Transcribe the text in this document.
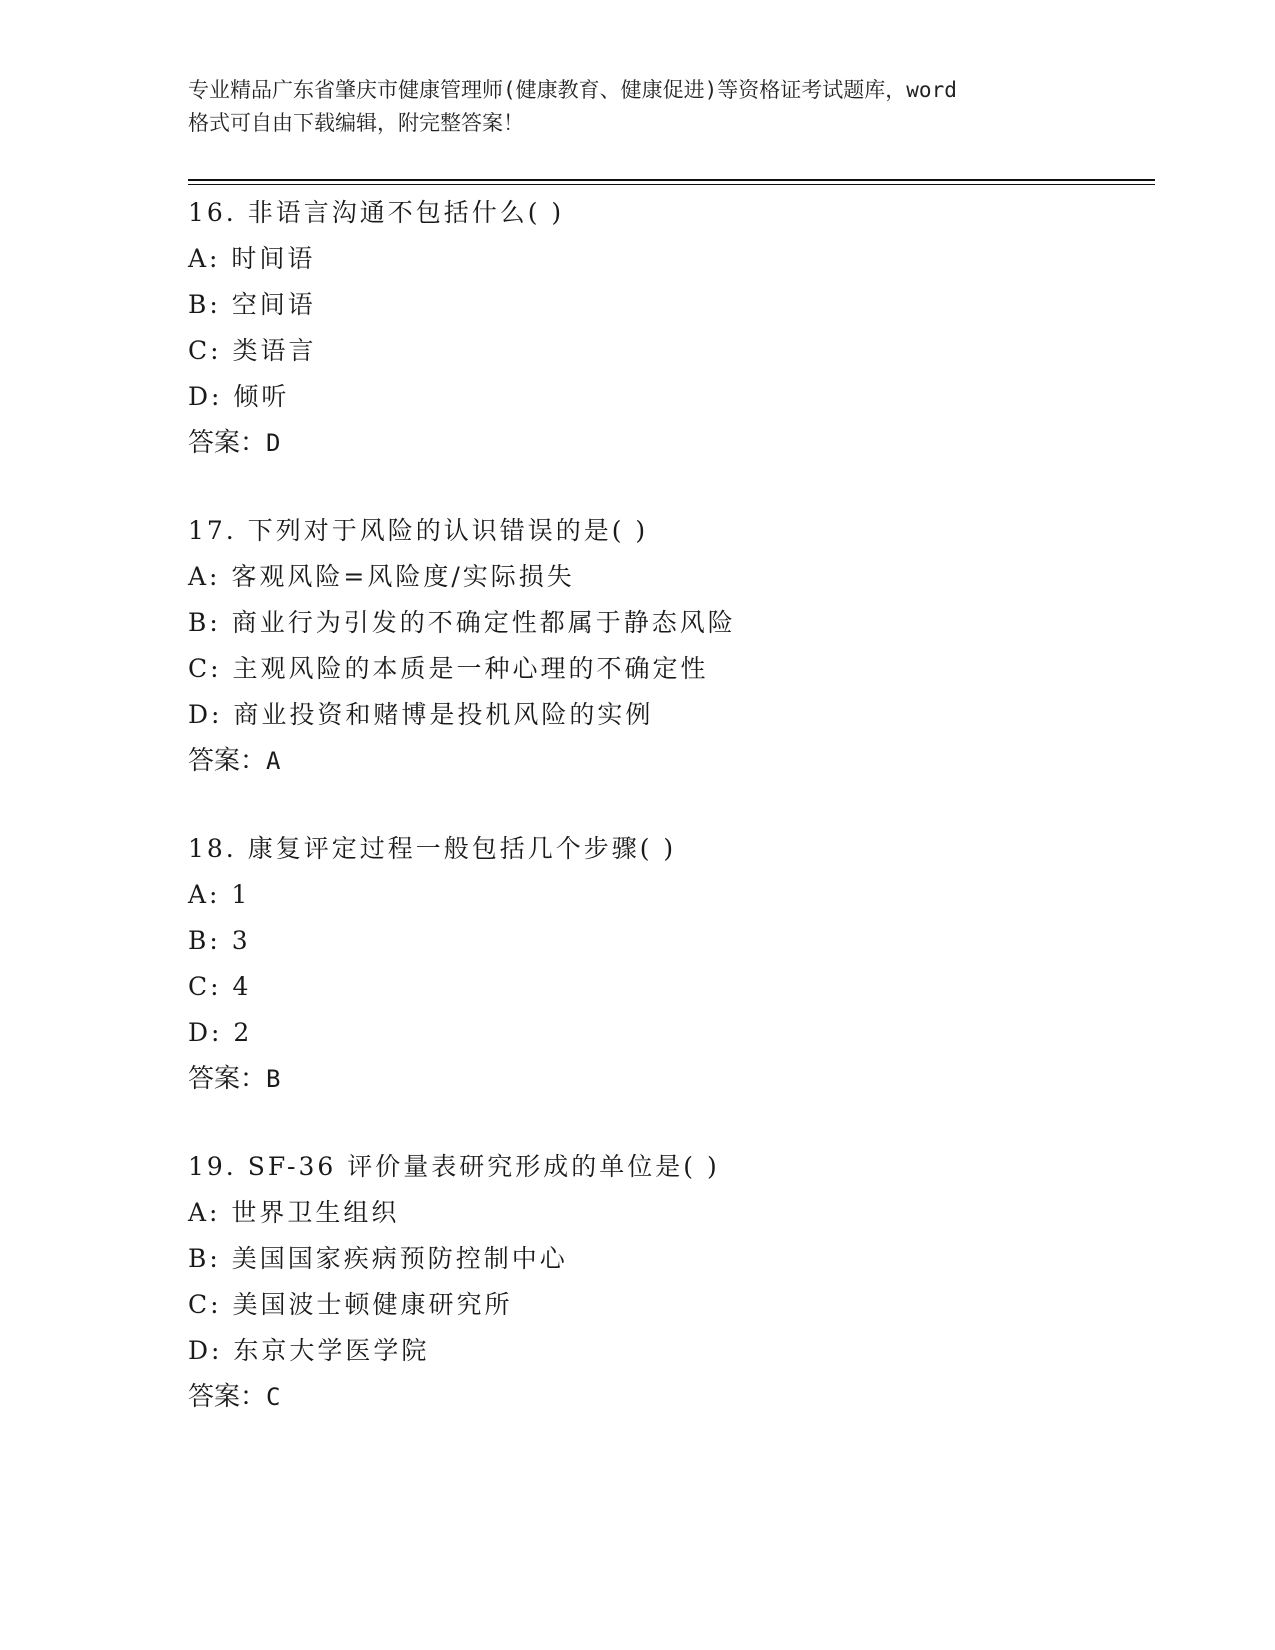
专业精品广东省肇庆市健康管理师(健康教育、健康促进)等资格证考试题库，word
格式可自由下载编辑，附完整答案！
16. 非语言沟通不包括什么( )
A: 时间语
B: 空间语
C: 类语言
D: 倾听
答案：D
17. 下列对于风险的认识错误的是( )
A: 客观风险=风险度/实际损失
B: 商业行为引发的不确定性都属于静态风险
C: 主观风险的本质是一种心理的不确定性
D: 商业投资和赌博是投机风险的实例
答案：A
18. 康复评定过程一般包括几个步骤( )
A: 1
B: 3
C: 4
D: 2
答案：B
19. SF-36 评价量表研究形成的单位是( )
A: 世界卫生组织
B: 美国国家疾病预防控制中心
C: 美国波士顿健康研究所
D: 东京大学医学院
答案：C
